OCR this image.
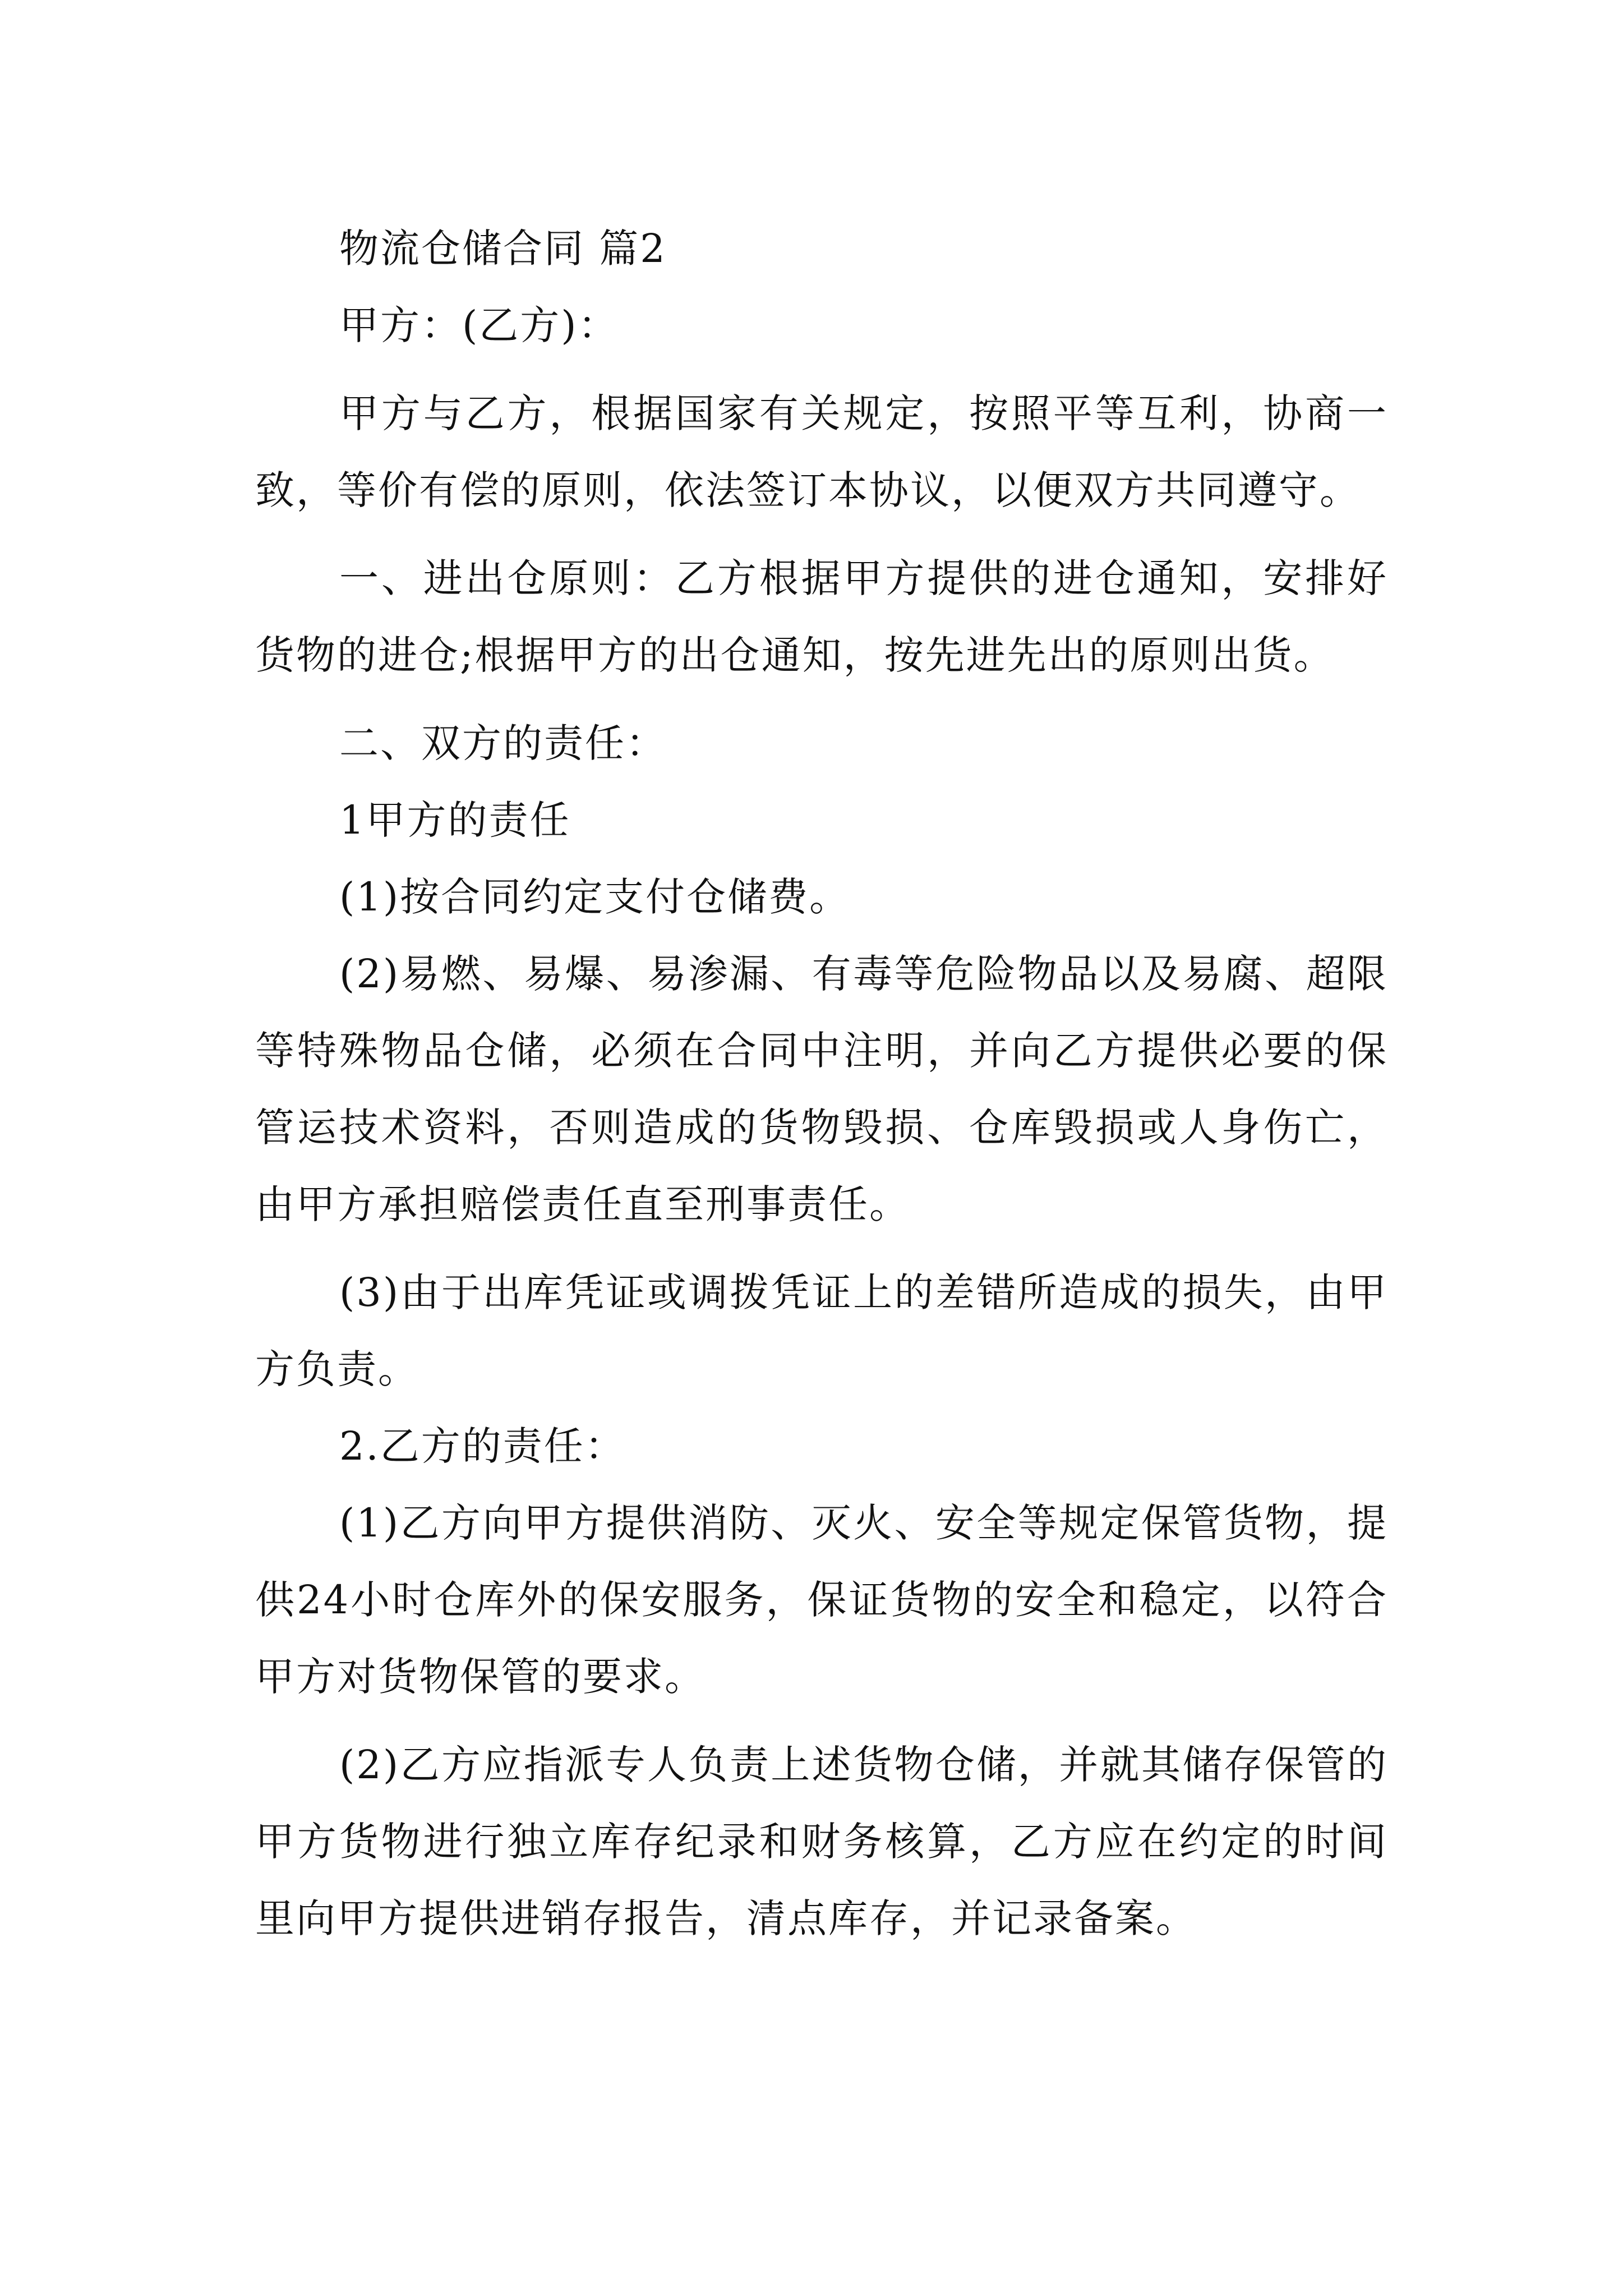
物流仓储合同 篇2

甲方：(乙方)：

甲方与乙方，根据国家有关规定，按照平等互利，协商一致，等价有偿的原则，依法签订本协议，以便双方共同遵守。

一、进出仓原则：乙方根据甲方提供的进仓通知，安排好货物的进仓;根据甲方的出仓通知，按先进先出的原则出货。

二、双方的责任：

1甲方的责任

(1)按合同约定支付仓储费。

(2)易燃、易爆、易渗漏、有毒等危险物品以及易腐、超限等特殊物品仓储，必须在合同中注明，并向乙方提供必要的保管运技术资料，否则造成的货物毁损、仓库毁损或人身伤亡，由甲方承担赔偿责任直至刑事责任。

(3)由于出库凭证或调拨凭证上的差错所造成的损失，由甲方负责。

2.乙方的责任：

(1)乙方向甲方提供消防、灭火、安全等规定保管货物，提供24小时仓库外的保安服务，保证货物的安全和稳定，以符合甲方对货物保管的要求。

(2)乙方应指派专人负责上述货物仓储，并就其储存保管的甲方货物进行独立库存纪录和财务核算，乙方应在约定的时间里向甲方提供进销存报告，清点库存，并记录备案。
